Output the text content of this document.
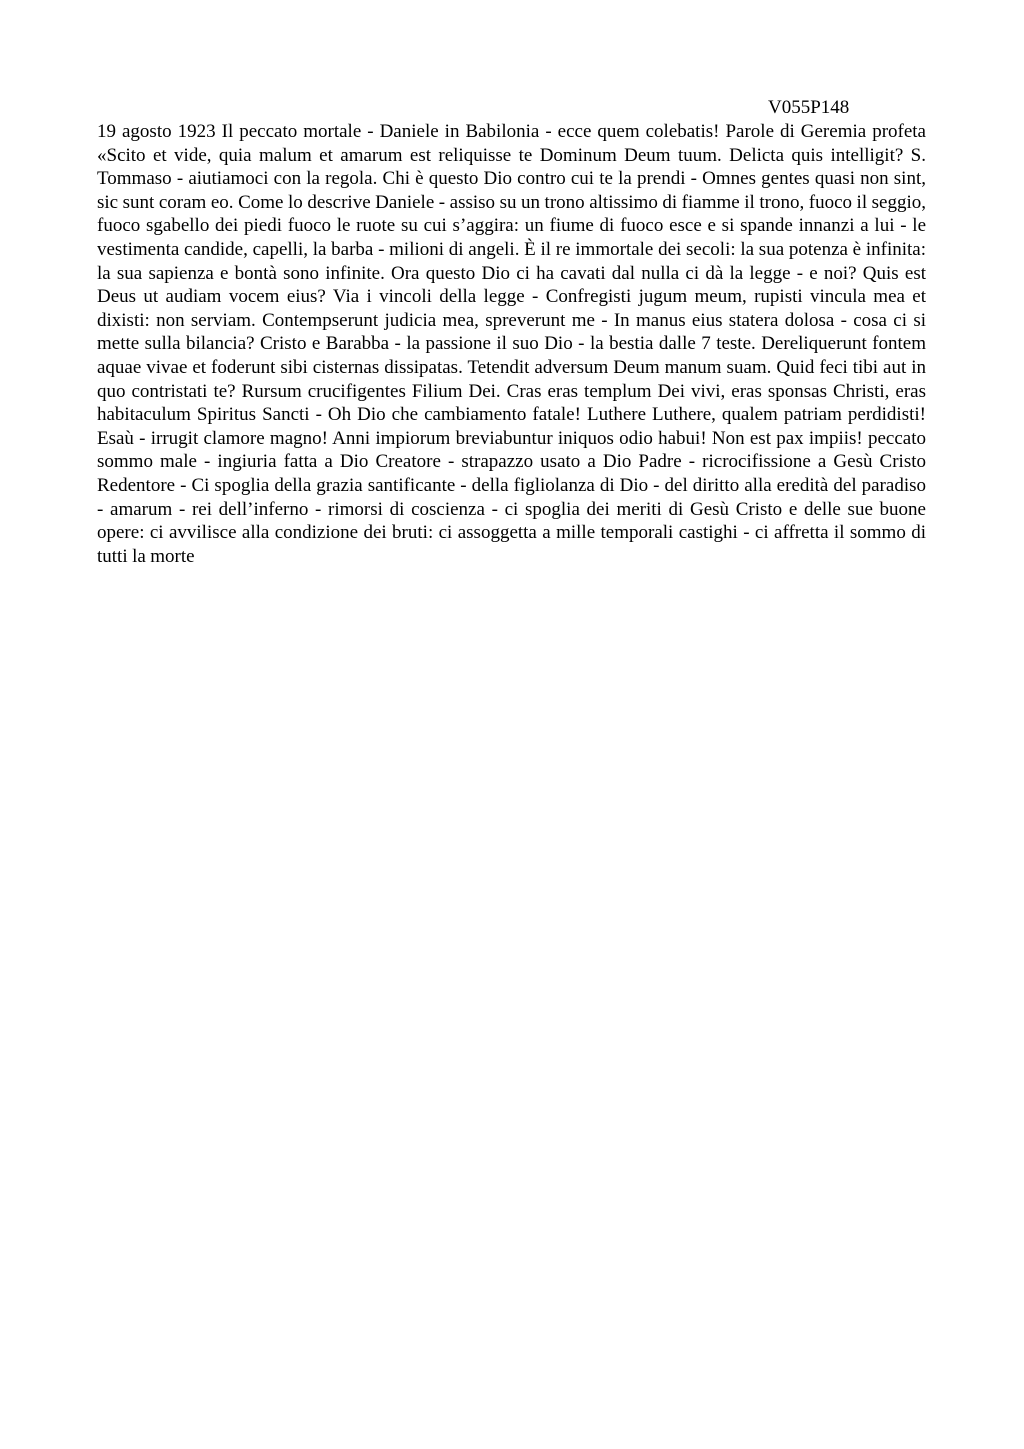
V055P148

19 agosto 1923 Il peccato mortale - Daniele in Babilonia - ecce quem colebatis! Parole di Geremia profeta «Scito et vide, quia malum et amarum est reliquisse te Dominum Deum tuum. Delicta quis intelligit? S. Tommaso - aiutiamoci con la regola. Chi è questo Dio contro cui te la prendi - Omnes gentes quasi non sint, sic sunt coram eo. Come lo descrive Daniele - assiso su un trono altissimo di fiamme il trono, fuoco il seggio, fuoco sgabello dei piedi fuoco le ruote su cui s’aggira: un fiume di fuoco esce e si spande innanzi a lui - le vestimenta candide, capelli, la barba - milioni di angeli. È il re immortale dei secoli: la sua potenza è infinita: la sua sapienza e bontà sono infinite. Ora questo Dio ci ha cavati dal nulla ci dà la legge - e noi? Quis est Deus ut audiam vocem eius? Via i vincoli della legge - Confregisti jugum meum, rupisti vincula mea et dixisti: non serviam. Contempserunt judicia mea, spreverunt me - In manus eius statera dolosa - cosa ci si mette sulla bilancia? Cristo e Barabba - la passione il suo Dio - la bestia dalle 7 teste. Dereliquerunt fontem aquae vivae et foderunt sibi cisternas dissipatas. Tetendit adversum Deum manum suam. Quid feci tibi aut in quo contristati te? Rursum crucifigentes Filium Dei. Cras eras templum Dei vivi, eras sponsas Christi, eras habitaculum Spiritus Sancti - Oh Dio che cambiamento fatale! Luthere Luthere, qualem patriam perdidisti! Esaù - irrugit clamore magno! Anni impiorum breviabuntur iniquos odio habui! Non est pax impiis! peccato sommo male - ingiuria fatta a Dio Creatore - strapazzo usato a Dio Padre - ricrocifissione a Gesù Cristo Redentore - Ci spoglia della grazia santificante - della figliolanza di Dio - del diritto alla eredità del paradiso - amarum - rei dell’inferno - rimorsi di coscienza - ci spoglia dei meriti di Gesù Cristo e delle sue buone opere: ci avvilisce alla condizione dei bruti: ci assoggetta a mille temporali castighi - ci affretta il sommo di tutti la morte
